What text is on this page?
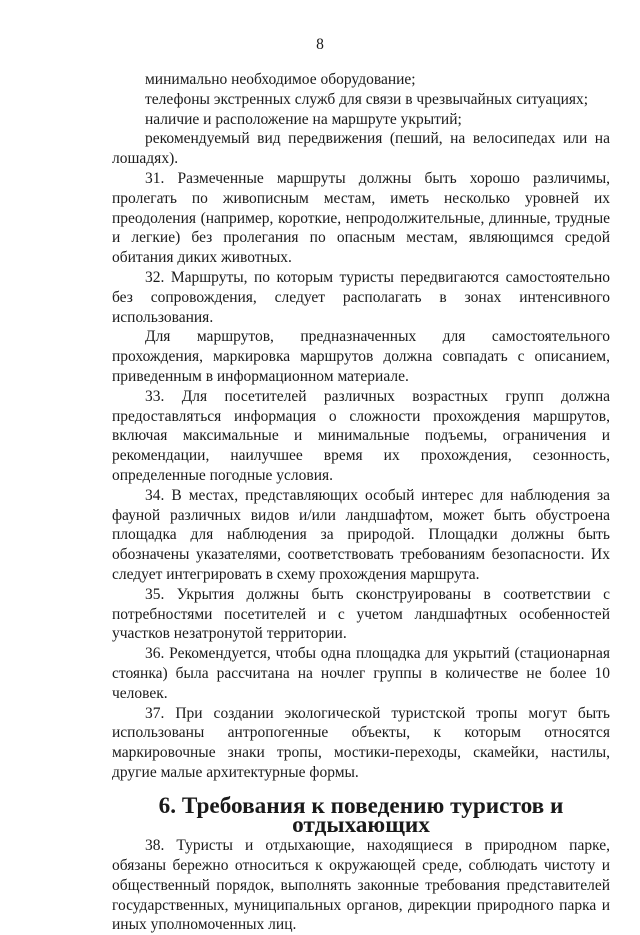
8

минимально необходимое оборудование;

телефоны экстренных служб для связи в чрезвычайных ситуациях;

наличие и расположение на маршруте укрытий;

рекомендуемый вид передвижения (пеший, на велосипедах или на лошадях).

31. Размеченные маршруты должны быть хорошо различимы, пролегать по живописным местам, иметь несколько уровней их преодоления (например, короткие, непродолжительные, длинные, трудные и легкие) без пролегания по опасным местам, являющимся средой обитания диких животных.

32. Маршруты, по которым туристы передвигаются самостоятельно без сопровождения, следует располагать в зонах интенсивного использования.

Для маршрутов, предназначенных для самостоятельного прохождения, маркировка маршрутов должна совпадать с описанием, приведенным в информационном материале.

33. Для посетителей различных возрастных групп должна предоставляться информация о сложности прохождения маршрутов, включая максимальные и минимальные подъемы, ограничения и рекомендации, наилучшее время их прохождения, сезонность, определенные погодные условия.

34. В местах, представляющих особый интерес для наблюдения за фауной различных видов и/или ландшафтом, может быть обустроена площадка для наблюдения за природой. Площадки должны быть обозначены указателями, соответствовать требованиям безопасности. Их следует интегрировать в схему прохождения маршрута.

35. Укрытия должны быть сконструированы в соответствии с потребностями посетителей и с учетом ландшафтных особенностей участков незатронутой территории.

36. Рекомендуется, чтобы одна площадка для укрытий (стационарная стоянка) была рассчитана на ночлег группы в количестве не более 10 человек.

37. При создании экологической туристской тропы могут быть использованы антропогенные объекты, к которым относятся маркировочные знаки тропы, мостики-переходы, скамейки, настилы, другие малые архитектурные формы.

6. Требования к поведению туристов и отдыхающих

38. Туристы и отдыхающие, находящиеся в природном парке, обязаны бережно относиться к окружающей среде, соблюдать чистоту и общественный порядок, выполнять законные требования представителей государственных, муниципальных органов, дирекции природного парка и иных уполномоченных лиц.
